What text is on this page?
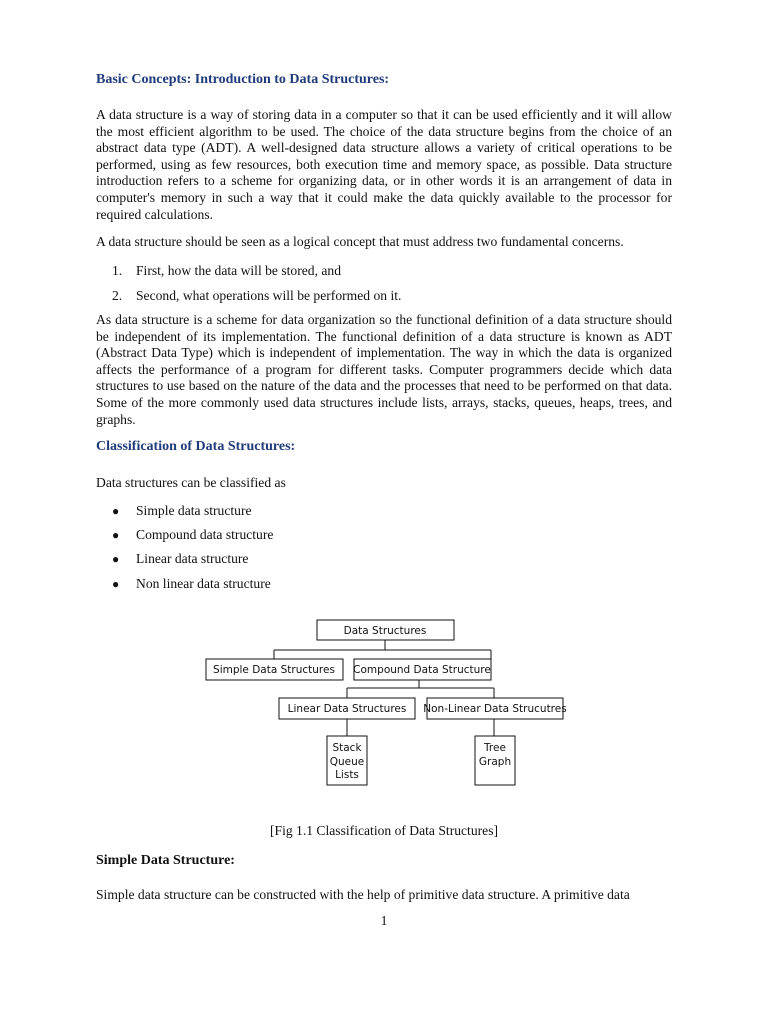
Basic Concepts: Introduction to Data Structures:

A data structure is a way of storing data in a computer so that it can be used efficiently and it will allow the most efficient algorithm to be used. The choice of the data structure begins from the choice of an abstract data type (ADT). A well-designed data structure allows a variety of critical operations to be performed, using as few resources, both execution time and memory space, as possible. Data structure introduction refers to a scheme for organizing data, or in other words it is an arrangement of data in computer's memory in such a way that it could make the data quickly available to the processor for required calculations.

A data structure should be seen as a logical concept that must address two fundamental concerns.

1. First, how the data will be stored, and
2. Second, what operations will be performed on it.

As data structure is a scheme for data organization so the functional definition of a data structure should be independent of its implementation. The functional definition of a data structure is known as ADT (Abstract Data Type) which is independent of implementation. The way in which the data is organized affects the performance of a program for different tasks. Computer programmers decide which data structures to use based on the nature of the data and the processes that need to be performed on that data. Some of the more commonly used data structures include lists, arrays, stacks, queues, heaps, trees, and graphs.

Classification of Data Structures:

Data structures can be classified as

● Simple data structure
● Compound data structure
● Linear data structure
● Non linear data structure
Data Structures
Simple Data Structures Compound Data Structure
Linear Data Structures Non-Linear Data Strucutres
Stack
Queue
Lists
Tree
Graph
[Fig 1.1 Classification of Data Structures]
Simple Data Structure:

Simple data structure can be constructed with the help of primitive data structure. A primitive data

1
